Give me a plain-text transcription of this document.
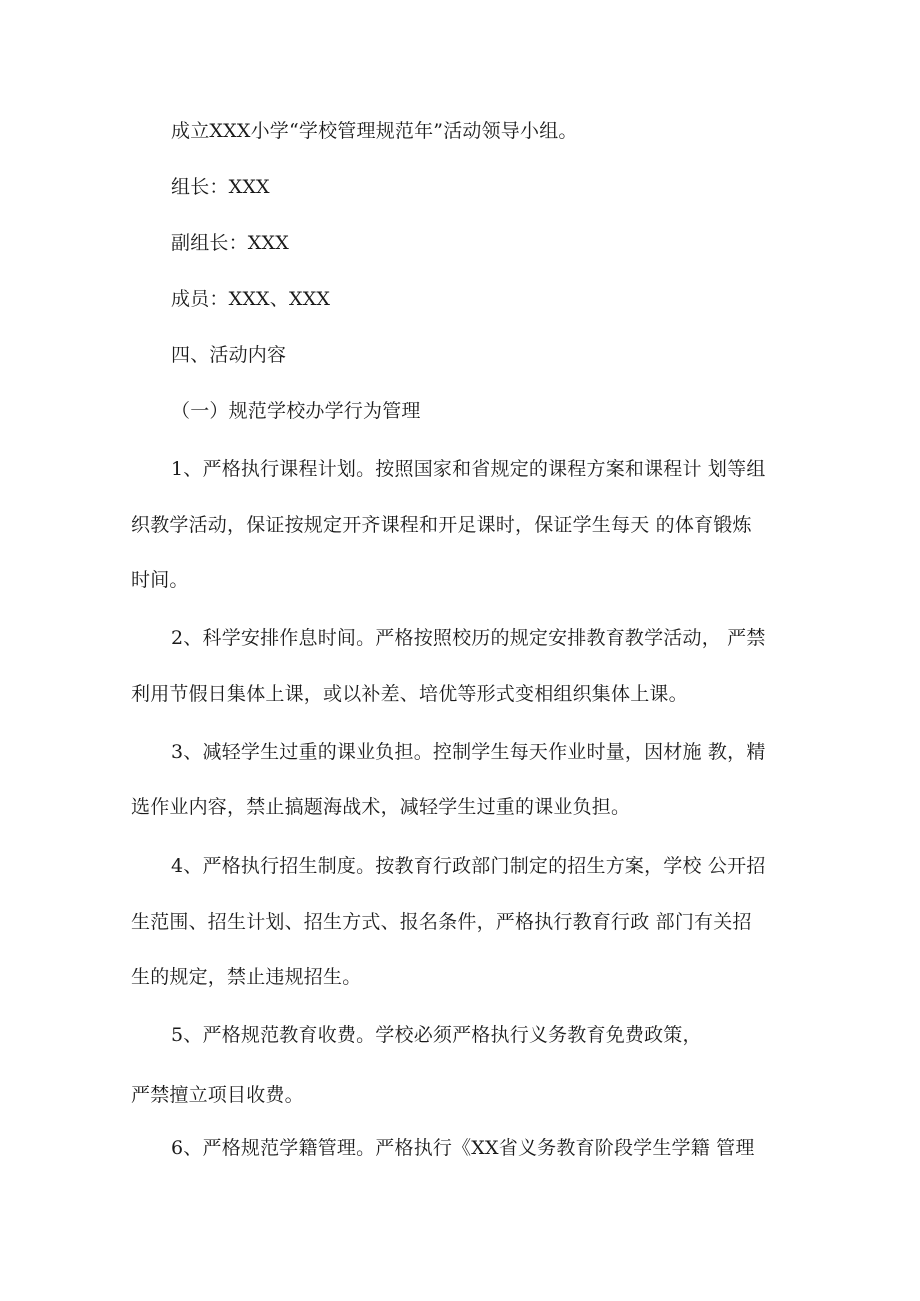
成立XXX小学“学校管理规范年”活动领导小组。
组长：XXX
副组长：XXX
成员：XXX、XXX
四、活动内容
（一）规范学校办学行为管理
1、严格执行课程计划。按照国家和省规定的课程方案和课程计 划等组
织教学活动，保证按规定开齐课程和开足课时，保证学生每天 的体育锻炼
时间。
2、科学安排作息时间。严格按照校历的规定安排教育教学活动， 严禁
利用节假日集体上课，或以补差、培优等形式变相组织集体上课。
3、减轻学生过重的课业负担。控制学生每天作业时量，因材施 教，精
选作业内容，禁止搞题海战术，减轻学生过重的课业负担。
4、严格执行招生制度。按教育行政部门制定的招生方案，学校 公开招
生范围、招生计划、招生方式、报名条件，严格执行教育行政 部门有关招
生的规定，禁止违规招生。
5、严格规范教育收费。学校必须严格执行义务教育免费政策，
严禁擅立项目收费。
6、严格规范学籍管理。严格执行《XX省义务教育阶段学生学籍 管理
